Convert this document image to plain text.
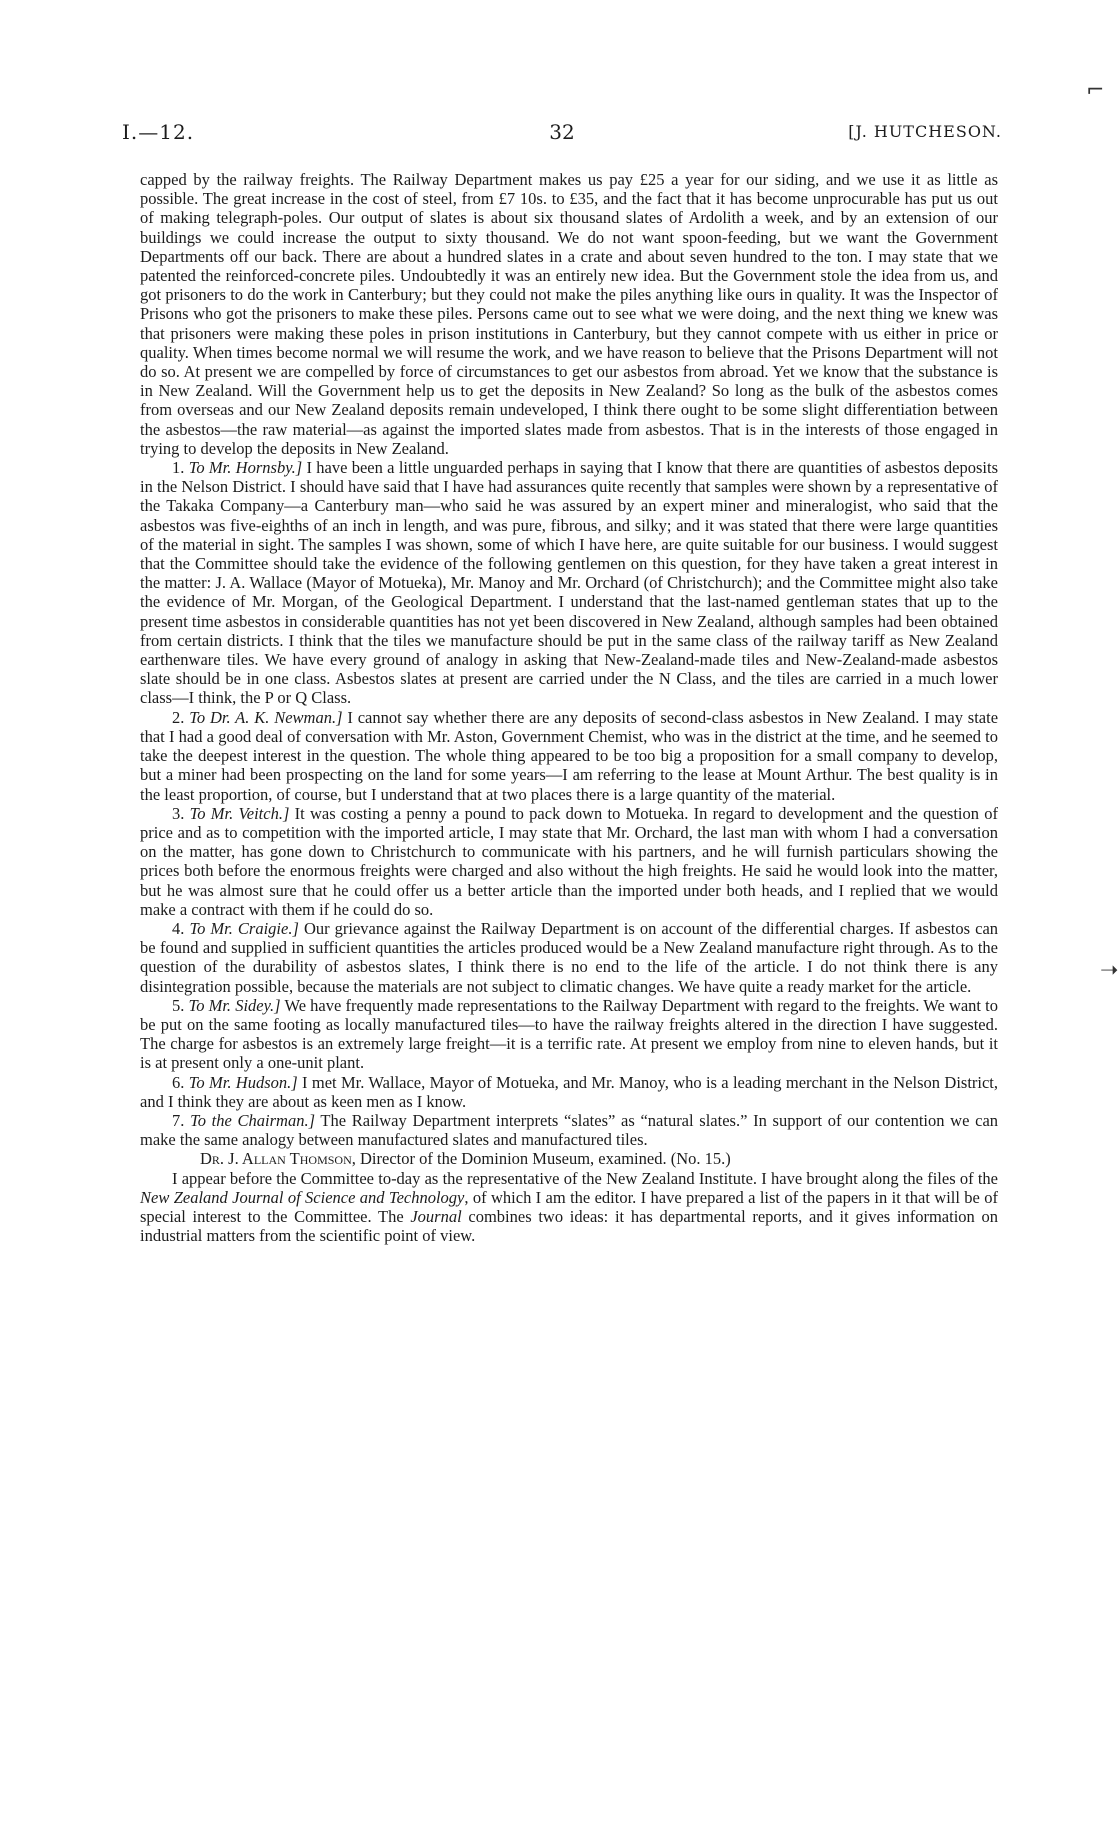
⌐
➝
I.—12.	32	[J. HUTCHESON.

capped by the railway freights. The Railway Department makes us pay £25 a year for our siding, and we use it as little as possible. The great increase in the cost of steel, from £7 10s. to £35, and the fact that it has become unprocurable has put us out of making telegraph-poles. Our output of slates is about six thousand slates of Ardolith a week, and by an extension of our buildings we could increase the output to sixty thousand. We do not want spoon-feeding, but we want the Government Departments off our back. There are about a hundred slates in a crate and about seven hundred to the ton. I may state that we patented the reinforced-concrete piles. Undoubtedly it was an entirely new idea. But the Government stole the idea from us, and got prisoners to do the work in Canterbury; but they could not make the piles anything like ours in quality. It was the Inspector of Prisons who got the prisoners to make these piles. Persons came out to see what we were doing, and the next thing we knew was that prisoners were making these poles in prison institutions in Canterbury, but they cannot compete with us either in price or quality. When times become normal we will resume the work, and we have reason to believe that the Prisons Department will not do so. At present we are compelled by force of circumstances to get our asbestos from abroad. Yet we know that the substance is in New Zealand. Will the Government help us to get the deposits in New Zealand? So long as the bulk of the asbestos comes from overseas and our New Zealand deposits remain undeveloped, I think there ought to be some slight differentiation between the asbestos—the raw material—as against the imported slates made from asbestos. That is in the interests of those engaged in trying to develop the deposits in New Zealand.

1. To Mr. Hornsby.] I have been a little unguarded perhaps in saying that I know that there are quantities of asbestos deposits in the Nelson District. I should have said that I have had assurances quite recently that samples were shown by a representative of the Takaka Company—a Canterbury man—who said he was assured by an expert miner and mineralogist, who said that the asbestos was five-eighths of an inch in length, and was pure, fibrous, and silky; and it was stated that there were large quantities of the material in sight. The samples I was shown, some of which I have here, are quite suitable for our business. I would suggest that the Committee should take the evidence of the following gentlemen on this question, for they have taken a great interest in the matter: J. A. Wallace (Mayor of Motueka), Mr. Manoy and Mr. Orchard (of Christchurch); and the Committee might also take the evidence of Mr. Morgan, of the Geological Department. I understand that the last-named gentleman states that up to the present time asbestos in considerable quantities has not yet been discovered in New Zealand, although samples had been obtained from certain districts. I think that the tiles we manufacture should be put in the same class of the railway tariff as New Zealand earthenware tiles. We have every ground of analogy in asking that New-Zealand-made tiles and New-Zealand-made asbestos slate should be in one class. Asbestos slates at present are carried under the N Class, and the tiles are carried in a much lower class—I think, the P or Q Class.

2. To Dr. A. K. Newman.] I cannot say whether there are any deposits of second-class asbestos in New Zealand. I may state that I had a good deal of conversation with Mr. Aston, Government Chemist, who was in the district at the time, and he seemed to take the deepest interest in the question. The whole thing appeared to be too big a proposition for a small company to develop, but a miner had been prospecting on the land for some years—I am referring to the lease at Mount Arthur. The best quality is in the least proportion, of course, but I understand that at two places there is a large quantity of the material.

3. To Mr. Veitch.] It was costing a penny a pound to pack down to Motueka. In regard to development and the question of price and as to competition with the imported article, I may state that Mr. Orchard, the last man with whom I had a conversation on the matter, has gone down to Christchurch to communicate with his partners, and he will furnish particulars showing the prices both before the enormous freights were charged and also without the high freights. He said he would look into the matter, but he was almost sure that he could offer us a better article than the imported under both heads, and I replied that we would make a contract with them if he could do so.

4. To Mr. Craigie.] Our grievance against the Railway Department is on account of the differential charges. If asbestos can be found and supplied in sufficient quantities the articles produced would be a New Zealand manufacture right through. As to the question of the durability of asbestos slates, I think there is no end to the life of the article. I do not think there is any disintegration possible, because the materials are not subject to climatic changes. We have quite a ready market for the article.

5. To Mr. Sidey.] We have frequently made representations to the Railway Department with regard to the freights. We want to be put on the same footing as locally manufactured tiles—to have the railway freights altered in the direction I have suggested. The charge for asbestos is an extremely large freight—it is a terrific rate. At present we employ from nine to eleven hands, but it is at present only a one-unit plant.

6. To Mr. Hudson.] I met Mr. Wallace, Mayor of Motueka, and Mr. Manoy, who is a leading merchant in the Nelson District, and I think they are about as keen men as I know.

7. To the Chairman.] The Railway Department interprets “slates” as “natural slates.” In support of our contention we can make the same analogy between manufactured slates and manufactured tiles.

Dr. J. Allan Thomson, Director of the Dominion Museum, examined. (No. 15.)

I appear before the Committee to-day as the representative of the New Zealand Institute. I have brought along the files of the New Zealand Journal of Science and Technology, of which I am the editor. I have prepared a list of the papers in it that will be of special interest to the Committee. The Journal combines two ideas: it has departmental reports, and it gives information on industrial matters from the scientific point of view.
